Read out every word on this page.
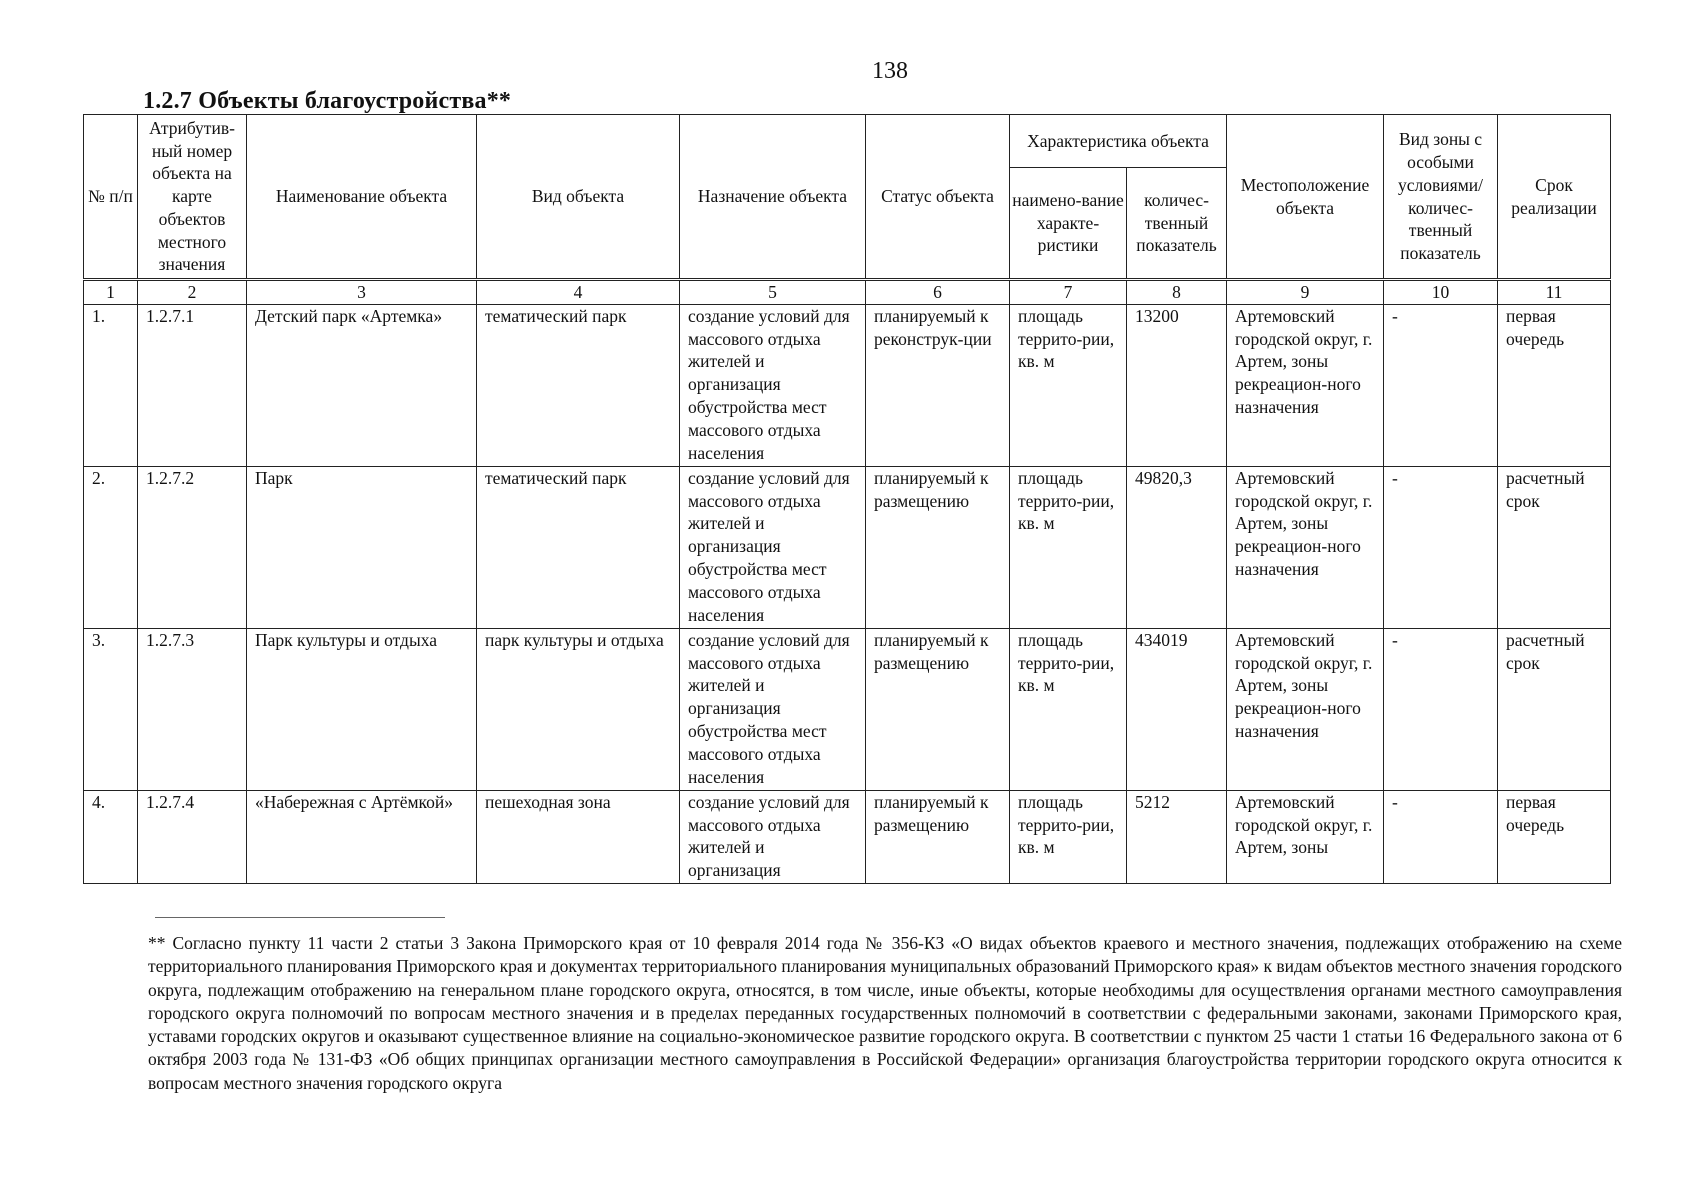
138
1.2.7 Объекты благоустройства**
№ п/п	Атрибутив-ный номер объекта на карте объектов местного значения	Наименование объекта	Вид объекта	Назначение объекта	Статус объекта	Характеристика объекта		Местоположение объекта	Вид зоны с особыми условиями/ количес-твенный показатель	Срок реализации
						наимено-вание характе-ристики	количес-твенный показатель			
1	2	3	4	5	6	7	8	9	10	11
1.	1.2.7.1	Детский парк «Артемка»	тематический парк	создание условий для массового отдыха жителей и организация обустройства мест массового отдыха населения	планируемый к реконструк-ции	площадь террито-рии, кв. м	13200	Артемовский городской округ, г. Артем, зоны рекреацион-ного назначения	-	первая очередь
2.	1.2.7.2	Парк	тематический парк	создание условий для массового отдыха жителей и организация обустройства мест массового отдыха населения	планируемый к размещению	площадь террито-рии, кв. м	49820,3	Артемовский городской округ, г. Артем, зоны рекреацион-ного назначения	-	расчетный срок
3.	1.2.7.3	Парк культуры и отдыха	парк культуры и отдыха	создание условий для массового отдыха жителей и организация обустройства мест массового отдыха населения	планируемый к размещению	площадь террито-рии, кв. м	434019	Артемовский городской округ, г. Артем, зоны рекреацион-ного назначения	-	расчетный срок
4.	1.2.7.4	«Набережная с Артёмкой»	пешеходная зона	создание условий для массового отдыха жителей и организация	планируемый к размещению	площадь террито-рии, кв. м	5212	Артемовский городской округ, г. Артем, зоны	-	первая очередь
** Согласно пункту 11 части 2 статьи 3 Закона Приморского края от 10 февраля 2014 года № 356-КЗ «О видах объектов краевого и местного значения, подлежащих отображению на схеме территориального планирования Приморского края и документах территориального планирования муниципальных образований Приморского края» к видам объектов местного значения городского округа, подлежащим отображению на генеральном плане городского округа, относятся, в том числе, иные объекты, которые необходимы для осуществления органами местного самоуправления городского округа полномочий по вопросам местного значения и в пределах переданных государственных полномочий в соответствии с федеральными законами, законами Приморского края, уставами городских округов и оказывают существенное влияние на социально-экономическое развитие городского округа. В соответствии с пунктом 25 части 1 статьи 16 Федерального закона от 6 октября 2003 года № 131-ФЗ «Об общих принципах организации местного самоуправления в Российской Федерации» организация благоустройства территории городского округа относится к вопросам местного значения городского округа
